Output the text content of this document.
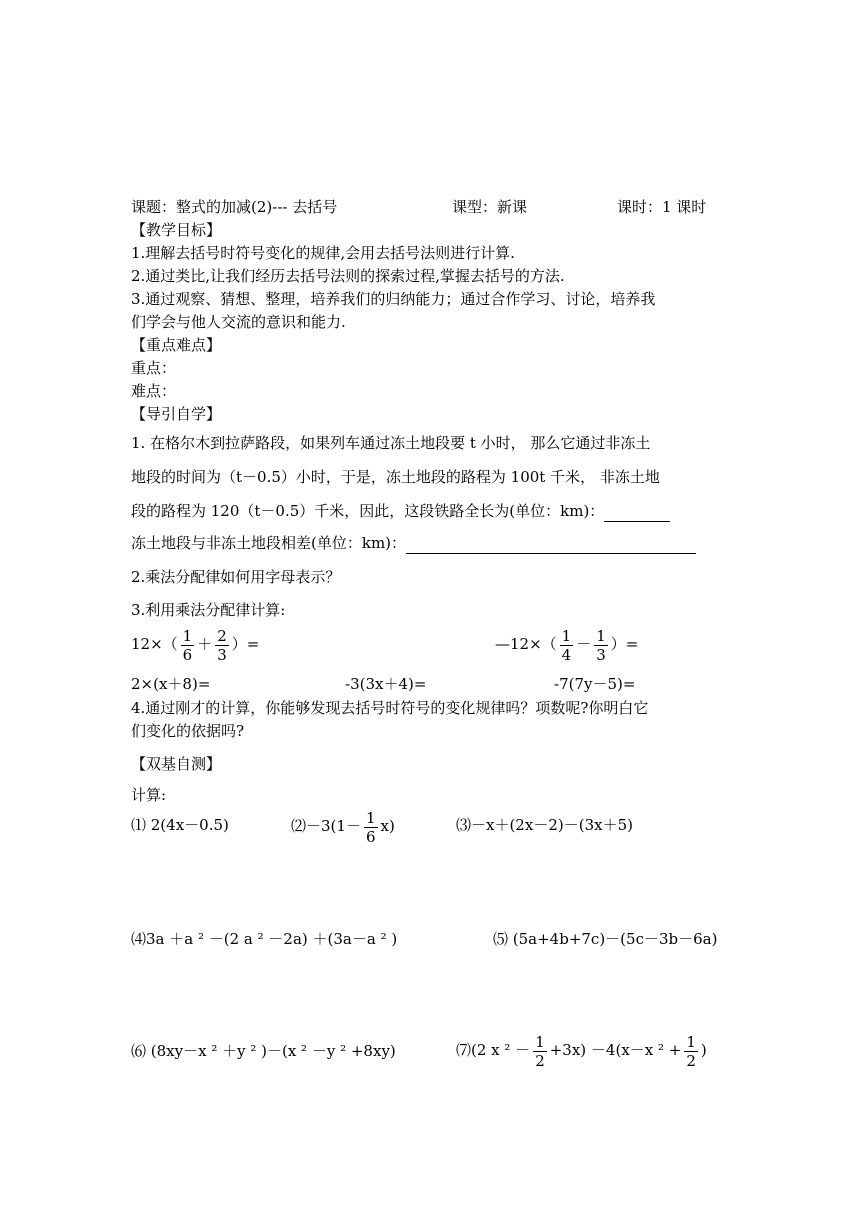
课题：整式的加减(2)--- 去括号	课型：新课	课时：1 课时
【教学目标】
1.理解去括号时符号变化的规律,会用去括号法则进行计算.
2.通过类比,让我们经历去括号法则的探索过程,掌握去括号的方法.
3.通过观察、猜想、整理，培养我们的归纳能力；通过合作学习、讨论，培养我
们学会与他人交流的意识和能力.
【重点难点】
重点：
难点：
【导引自学】
1. 在格尔木到拉萨路段，如果列车通过冻土地段要 t 小时， 那么它通过非冻土
地段的时间为（t－0.5）小时，于是，冻土地段的路程为 100t 千米， 非冻土地
段的路程为 120（t－0.5）千米，因此，这段铁路全长为(单位：km)：
冻土地段与非冻土地段相差(单位：km)：
2.乘法分配律如何用字母表示？
3.利用乘法分配律计算:
$12\times( \frac{1}{6} + \frac{2}{3}$ ）=	—12×（ $\frac{1}{4} - \frac{1}{3}$ ）=
2×(x＋8)=	-3(3x＋4)=	-7(7y－5)=
4.通过刚才的计算，你能够发现去括号时符号的变化规律吗？项数呢?你明白它
们变化的依据吗?
【双基自测】
计算:
⑴ 2(4x－0.5)	⑵－3(1－ $\frac{1}{6} x$)	⑶－x＋(2x－2)－(3x＋5)
⑷3a ＋a ² －(2 a ² －2a) ＋(3a－a ² )	⑸ (5a+4b+7c)－(5c－3b－6a)
⑹ (8xy－x ² ＋y ² )－(x ² －y ² +8xy)	⑺(2 x $^2 - \frac{1}{2} +3x) -4(x-x$ $^2 + \frac{1}{2}$ )
